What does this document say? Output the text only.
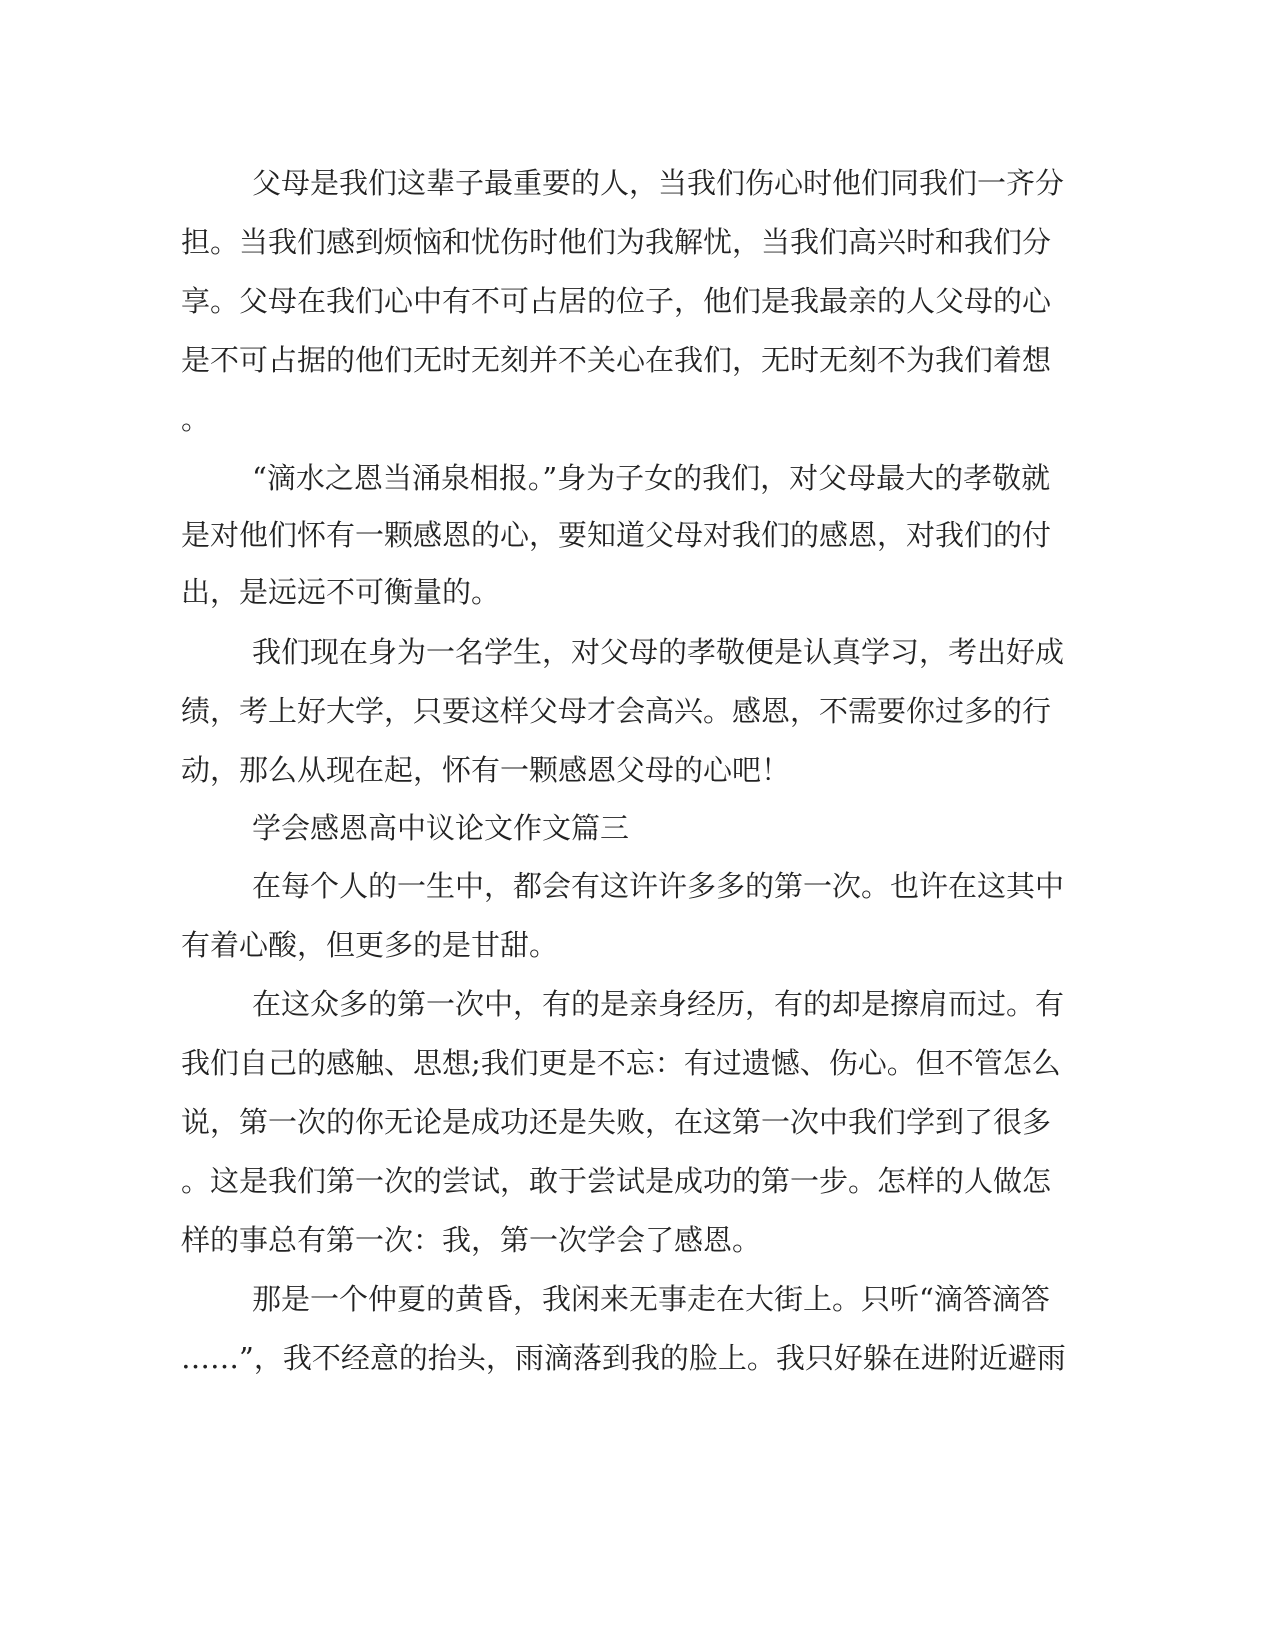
父母是我们这辈子最重要的人，当我们伤心时他们同我们一齐分
担。当我们感到烦恼和忧伤时他们为我解忧，当我们高兴时和我们分
享。父母在我们心中有不可占居的位子，他们是我最亲的人父母的心
是不可占据的他们无时无刻并不关心在我们，无时无刻不为我们着想
。
“滴水之恩当涌泉相报。”身为子女的我们，对父母最大的孝敬就
是对他们怀有一颗感恩的心，要知道父母对我们的感恩，对我们的付
出，是远远不可衡量的。
我们现在身为一名学生，对父母的孝敬便是认真学习，考出好成
绩，考上好大学，只要这样父母才会高兴。感恩，不需要你过多的行
动，那么从现在起，怀有一颗感恩父母的心吧！
学会感恩高中议论文作文篇三
在每个人的一生中，都会有这许许多多的第一次。也许在这其中
有着心酸，但更多的是甘甜。
在这众多的第一次中，有的是亲身经历，有的却是擦肩而过。有
我们自己的感触、思想;我们更是不忘：有过遗憾、伤心。但不管怎么
说，第一次的你无论是成功还是失败，在这第一次中我们学到了很多
。这是我们第一次的尝试，敢于尝试是成功的第一步。怎样的人做怎
样的事总有第一次：我，第一次学会了感恩。
那是一个仲夏的黄昏，我闲来无事走在大街上。只听“滴答滴答
……”，我不经意的抬头，雨滴落到我的脸上。我只好躲在进附近避雨
